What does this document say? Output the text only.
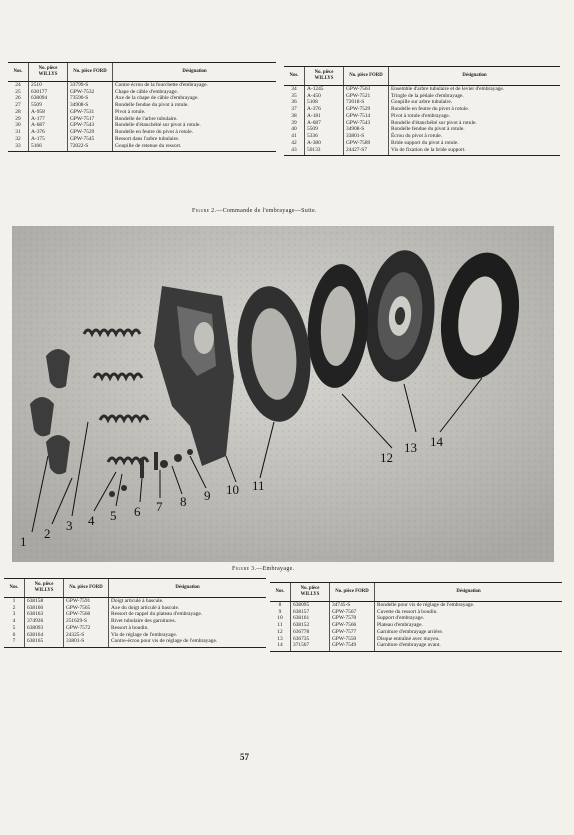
Nos.	No. pièce WILLYS	No. pièce FORD	Désignation
24	2510	33799-S	Contre écrou de la fourchette d'embrayage.
25	630177	GPW-7532	Chape de câble d'embrayage.
26	638094	73590-S	Axe de la chape de câble d'embrayage.
27	5509	34908-S	Rondelle fendue du pivot à rotule.
28	A-958	GPW-7531	Pivot à rotule.
29	A-177	GPW-7517	Rondelle de l'arbre tubulaire.
30	A-687	GPW-7543	Rondelle d'étanchéité sur pivot à rotule.
31	A-376	GPW-7529	Rondelle en feutre du pivot à rotule.
32	A-175	GPW-7545	Ressort dans l'arbre tubulaire.
33	5166	72022-S	Goupille de retenue du ressort.
Nos.	No. pièce WILLYS	No. pièce FORD	Désignation
34	A-1245	GPW-7563	Ensemble d'arbre tubulaire et de levier d'embrayage.
35	A-450	GPW-7521	Tringle de la pédale d'embrayage.
36	5108	72018-S	Goupille sur arbre tubulaire.
37	A-376	GPW-7529	Rondelle en feutre du pivot à rotule.
38	A-181	GPW-7514	Pivot à rotule d'embrayage.
39	A-687	GPW-7543	Rondelle d'étanchéité sur pivot à rotule.
40	5509	34908-S	Rondelle fendue du pivot à rotule.
41	5336	33801-S	Écrou du pivot à rotule.
42	A-380	GPW-7589	Bride support du pivot à rotule.
43	50133	24427-S7	Vis de fixation de la bride support.
Figure 2.—Commande de l'embrayage—Suite.
1
2
3 4 5 6 7 8 9 10 11
12
13 14
Figure 3.—Embrayage.
Nos.	No. pièce WILLYS	No. pièce FORD	Désignation
1	638158	GPW-7591	Doigt articulé à bascule.
2	638160	GPW-7565	Axe du doigt articulé à bascule.
3	638163	GPW-7566	Ressort de rappel du plateau d'embrayage.
4	374936	251629-S	Rivet tubulaire des garnitures.
5	638093	GPW-7572	Ressort à boudin.
6	638164	24325-S	Vis de réglage de l'embrayage.
7	638165	33801-S	Contre-écrou pour vis de réglage de l'embrayage.
Nos.	No. pièce WILLYS	No. pièce FORD	Désignation
8	638095	34745-S	Rondelle pour vis de réglage de l'embrayage.
9	638157	GPW-7567	Cuvette du ressort à boudin.
10	638161	GPW-7570	Support d'embrayage.
11	638152	GPW-7566	Plateau d'embrayage.
12	636778	GPW-7577	Garniture d'embrayage arrière.
13	636735	GPW-7550	Disque entraîné avec moyeu.
14	371567	GPW-7549	Garniture d'embrayage avant.
57
